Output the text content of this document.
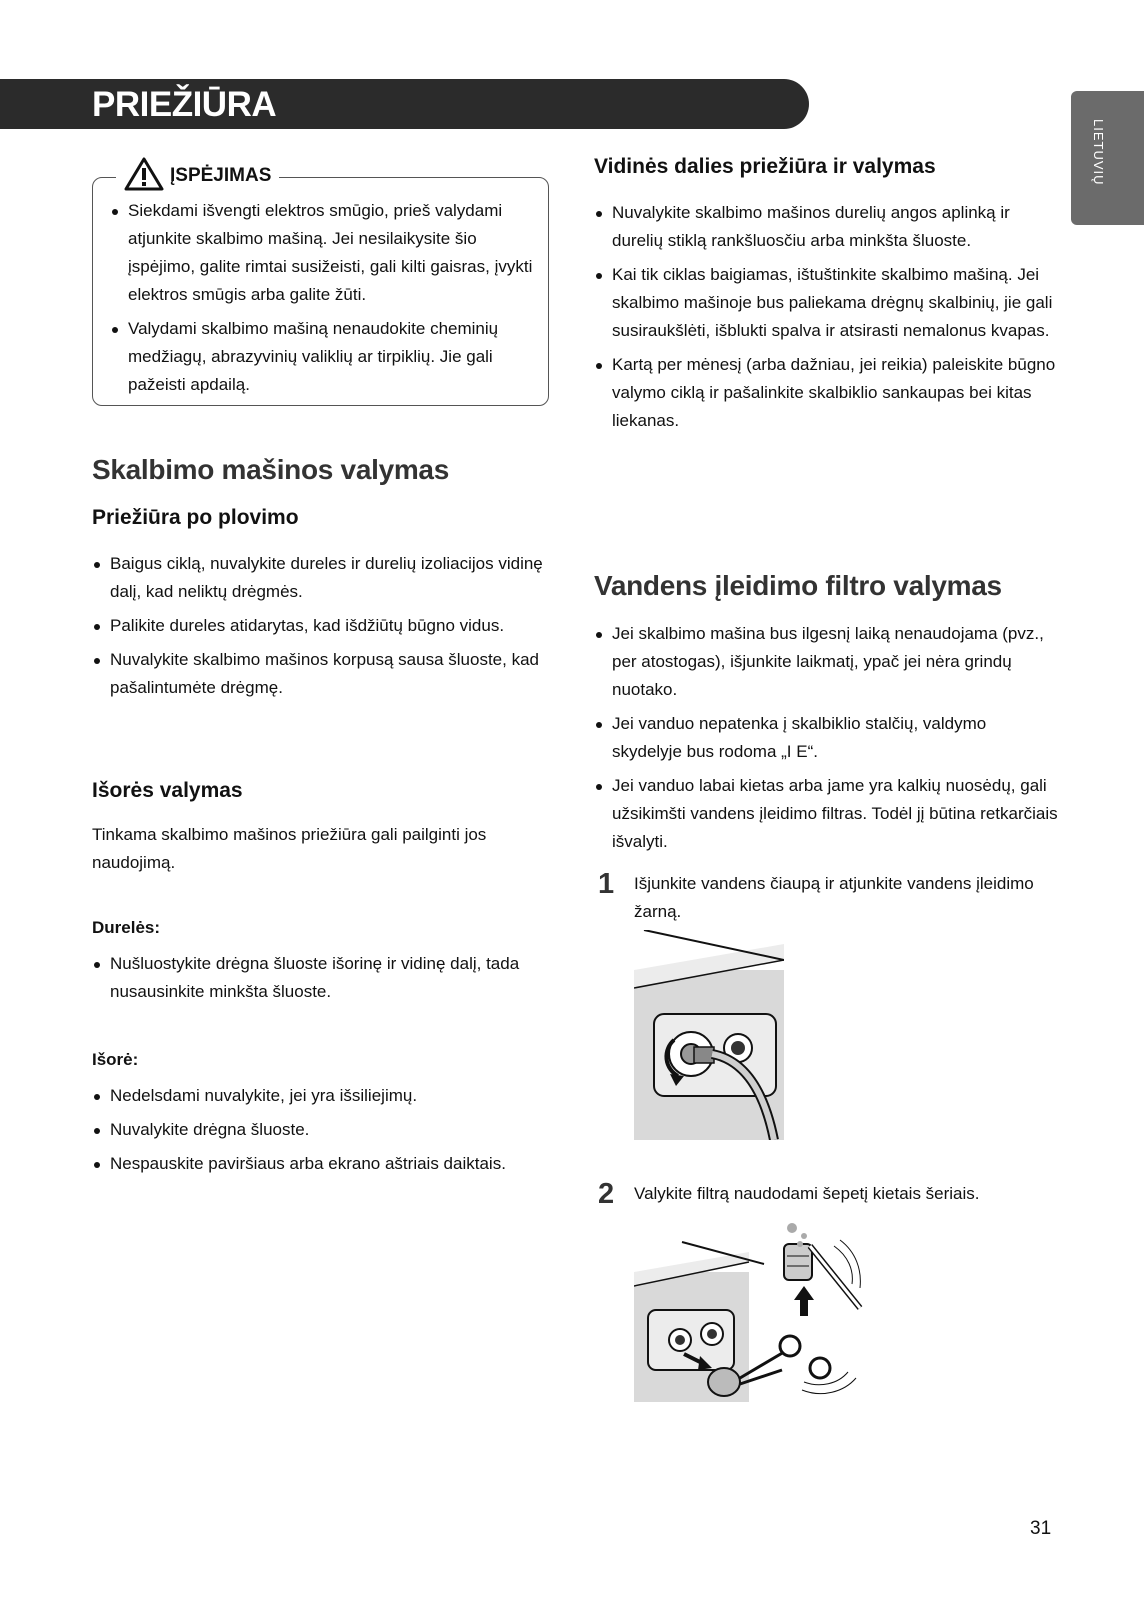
PRIEŽIŪRA
LIETUVIŲ
ĮSPĖJIMAS
Siekdami išvengti elektros smūgio, prieš valydami atjunkite skalbimo mašiną. Jei nesilaikysite šio įspėjimo, galite rimtai susižeisti, gali kilti gaisras, įvykti elektros smūgis arba galite žūti.
Valydami skalbimo mašiną nenaudokite cheminių medžiagų, abrazyvinių valiklių ar tirpiklių. Jie gali pažeisti apdailą.
Skalbimo mašinos valymas
Priežiūra po plovimo
Baigus ciklą, nuvalykite dureles ir durelių izoliacijos vidinę dalį, kad neliktų drėgmės.
Palikite dureles atidarytas, kad išdžiūtų būgno vidus.
Nuvalykite skalbimo mašinos korpusą sausa šluoste, kad pašalintumėte drėgmę.
Išorės valymas
Tinkama skalbimo mašinos priežiūra gali pailginti jos naudojimą.
Durelės:
Nušluostykite drėgna šluoste išorinę ir vidinę dalį, tada nusausinkite minkšta šluoste.
Išorė:
Nedelsdami nuvalykite, jei yra išsiliejimų.
Nuvalykite drėgna šluoste.
Nespauskite paviršiaus arba ekrano aštriais daiktais.
Vidinės dalies priežiūra ir valymas
Nuvalykite skalbimo mašinos durelių angos aplinką ir durelių stiklą rankšluosčiu arba minkšta šluoste.
Kai tik ciklas baigiamas, ištuštinkite skalbimo mašiną. Jei skalbimo mašinoje bus paliekama drėgnų skalbinių, jie gali susiraukšlėti, išblukti spalva ir atsirasti nemalonus kvapas.
Kartą per mėnesį (arba dažniau, jei reikia) paleiskite būgno valymo ciklą ir pašalinkite skalbiklio sankaupas bei kitas liekanas.
Vandens įleidimo filtro valymas
Jei skalbimo mašina bus ilgesnį laiką nenaudojama (pvz., per atostogas), išjunkite laikmatį, ypač jei nėra grindų nuotako.
Jei vanduo nepatenka į skalbiklio stalčių, valdymo skydelyje bus rodoma „I E“.
Jei vanduo labai kietas arba jame yra kalkių nuosėdų, gali užsikimšti vandens įleidimo filtras. Todėl jį būtina retkarčiais išvalyti.
1 Išjunkite vandens čiaupą ir atjunkite vandens įleidimo žarną.
2 Valykite filtrą naudodami šepetį kietais šeriais.
31
